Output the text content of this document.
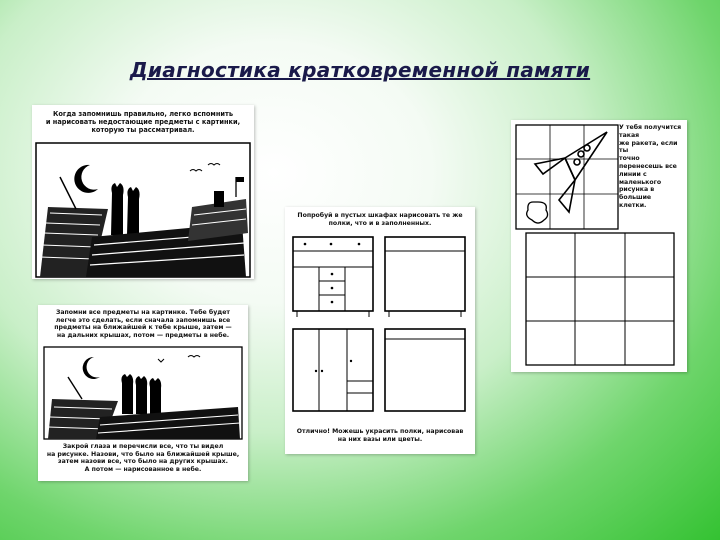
Диагностика кратковременной памяти
Когда запомнишь правильно, легко вспомнить
и нарисовать недостающие предметы с картинки,
которую ты рассматривал.
Запомни все предметы на картинке. Тебе будет
легче это сделать, если сначала запомнишь все
предметы на ближайшей к тебе крыше, затем —
на дальних крышах, потом — предметы в небе.
Закрой глаза и перечисли все, что ты видел
на рисунке. Назови, что было на ближайшей крыше,
затем назови все, что было на других крышах.
А потом — нарисованное в небе.
Попробуй в пустых шкафах нарисовать те же
полки, что и в заполненных.
Отлично! Можешь украсить полки, нарисовав
на них вазы или цветы.
У тебя получится такая
же ракета, если ты
точно перенесешь все
линии с маленького
рисунка в большие
клетки.
